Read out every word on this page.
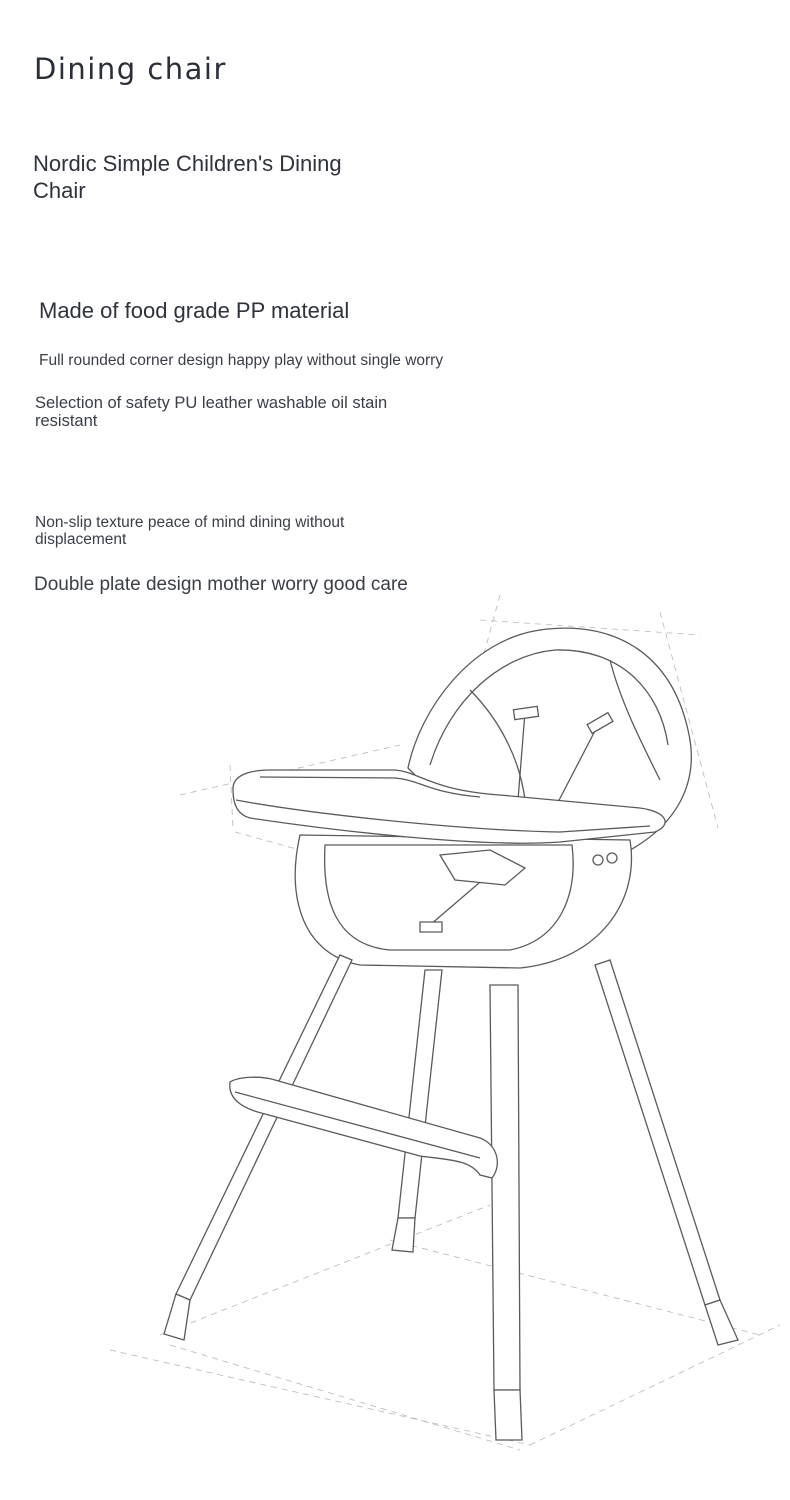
Dining chair
Nordic Simple Children's Dining Chair
Made of food grade PP material
Full rounded corner design happy play without single worry
Selection of safety PU leather washable oil stain resistant
Non-slip texture peace of mind dining without displacement
Double plate design mother worry good care
